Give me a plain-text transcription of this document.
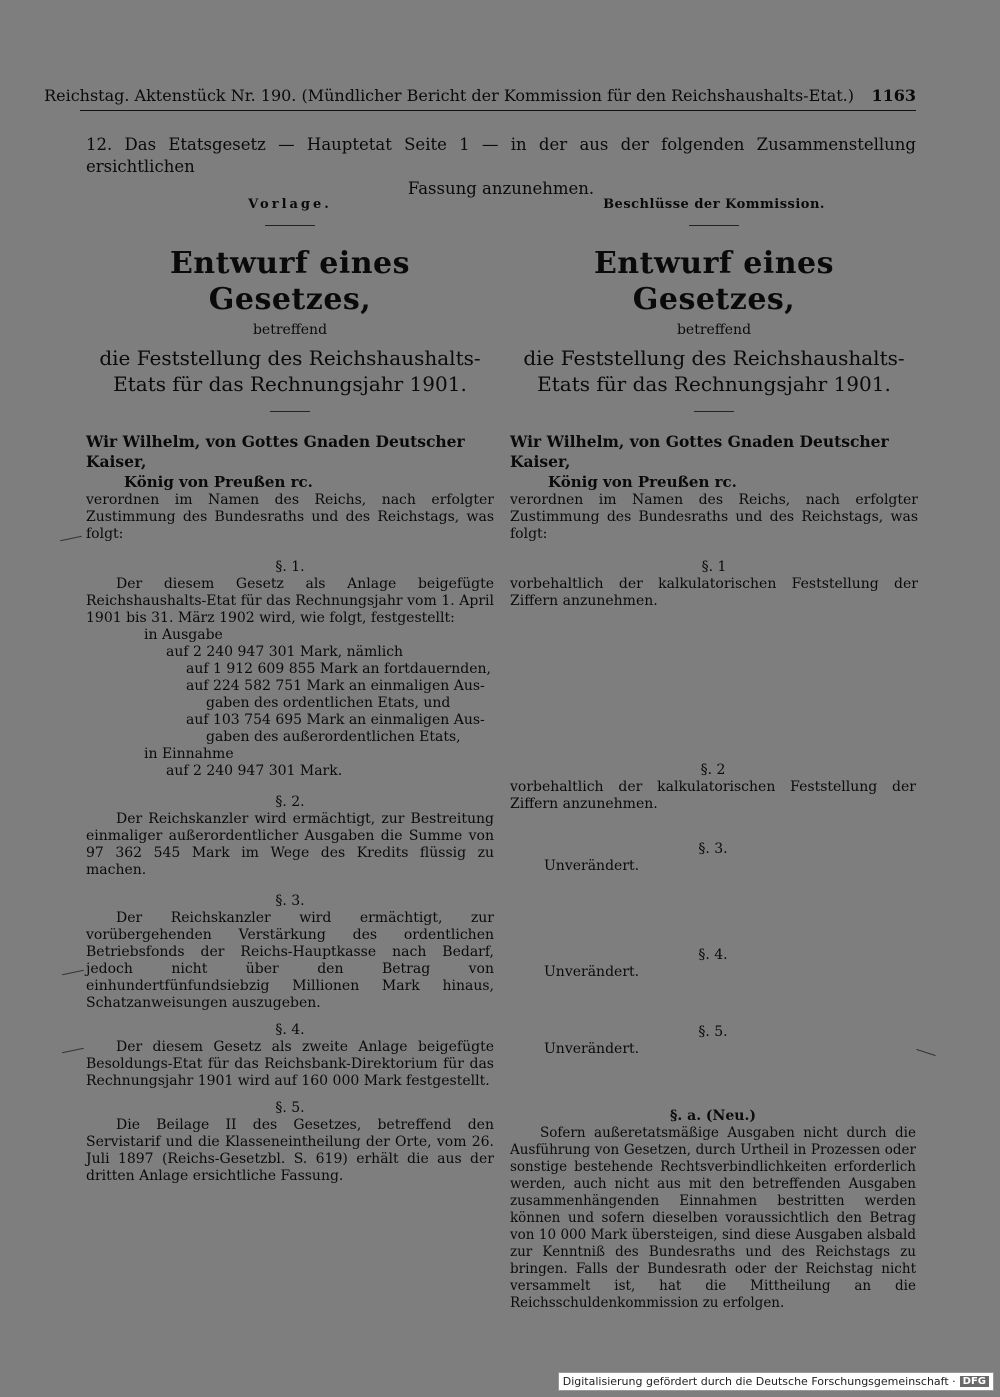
Reichstag. Aktenstück Nr. 190. (Mündlicher Bericht der Kommission für den Reichshaushalts-Etat.) 1163
12. Das Etatsgesetz — Hauptetat Seite 1 — in der aus der folgenden Zusammenstellung ersichtlichen
Fassung anzunehmen.
Vorlage.
Entwurf eines Gesetzes,
betreffend
die Feststellung des Reichshaushalts-Etats für das Rechnungsjahr 1901.
Wir Wilhelm, von Gottes Gnaden Deutscher Kaiser,
König von Preußen rc.
verordnen im Namen des Reichs, nach erfolgter Zustimmung des Bundesraths und des Reichstags, was folgt:
§. 1.
Der diesem Gesetz als Anlage beigefügte Reichshaushalts-Etat für das Rechnungsjahr vom 1. April 1901 bis 31. März 1902 wird, wie folgt, festgestellt:
in Ausgabe
auf 2 240 947 301 Mark, nämlich
auf 1 912 609 855 Mark an fortdauernden,
auf 224 582 751 Mark an einmaligen Aus-
gaben des ordentlichen Etats, und
auf 103 754 695 Mark an einmaligen Aus-
gaben des außerordentlichen Etats,
in Einnahme
auf 2 240 947 301 Mark.
§. 2.
Der Reichskanzler wird ermächtigt, zur Bestreitung einmaliger außerordentlicher Ausgaben die Summe von 97 362 545 Mark im Wege des Kredits flüssig zu machen.
§. 3.
Der Reichskanzler wird ermächtigt, zur vorübergehenden Verstärkung des ordentlichen Betriebsfonds der Reichs-Hauptkasse nach Bedarf, jedoch nicht über den Betrag von einhundertfünfundsiebzig Millionen Mark hinaus, Schatzanweisungen auszugeben.
§. 4.
Der diesem Gesetz als zweite Anlage beigefügte Besoldungs-Etat für das Reichsbank-Direktorium für das Rechnungsjahr 1901 wird auf 160 000 Mark festgestellt.
§. 5.
Die Beilage II des Gesetzes, betreffend den Servistarif und die Klasseneintheilung der Orte, vom 26. Juli 1897 (Reichs-Gesetzbl. S. 619) erhält die aus der dritten Anlage ersichtliche Fassung.
Beschlüsse der Kommission.
Entwurf eines Gesetzes,
betreffend
die Feststellung des Reichshaushalts-Etats für das Rechnungsjahr 1901.
Wir Wilhelm, von Gottes Gnaden Deutscher Kaiser,
König von Preußen rc.
verordnen im Namen des Reichs, nach erfolgter Zustimmung des Bundesraths und des Reichstags, was folgt:
§. 1
vorbehaltlich der kalkulatorischen Feststellung der Ziffern anzunehmen.
§. 2
vorbehaltlich der kalkulatorischen Feststellung der Ziffern anzunehmen.
§. 3.
Unverändert.
§. 4.
Unverändert.
§. 5.
Unverändert.
§. a. (Neu.)
Sofern außeretatsmäßige Ausgaben nicht durch die Ausführung von Gesetzen, durch Urtheil in Prozessen oder sonstige bestehende Rechtsverbindlichkeiten erforderlich werden, auch nicht aus mit den betreffenden Ausgaben zusammenhängenden Einnahmen bestritten werden können und sofern dieselben voraussichtlich den Betrag von 10 000 Mark übersteigen, sind diese Ausgaben alsbald zur Kenntniß des Bundesraths und des Reichstags zu bringen. Falls der Bundesrath oder der Reichstag nicht versammelt ist, hat die Mittheilung an die Reichsschuldenkommission zu erfolgen.
Digitalisierung gefördert durch die Deutsche Forschungsgemeinschaft · DFG
